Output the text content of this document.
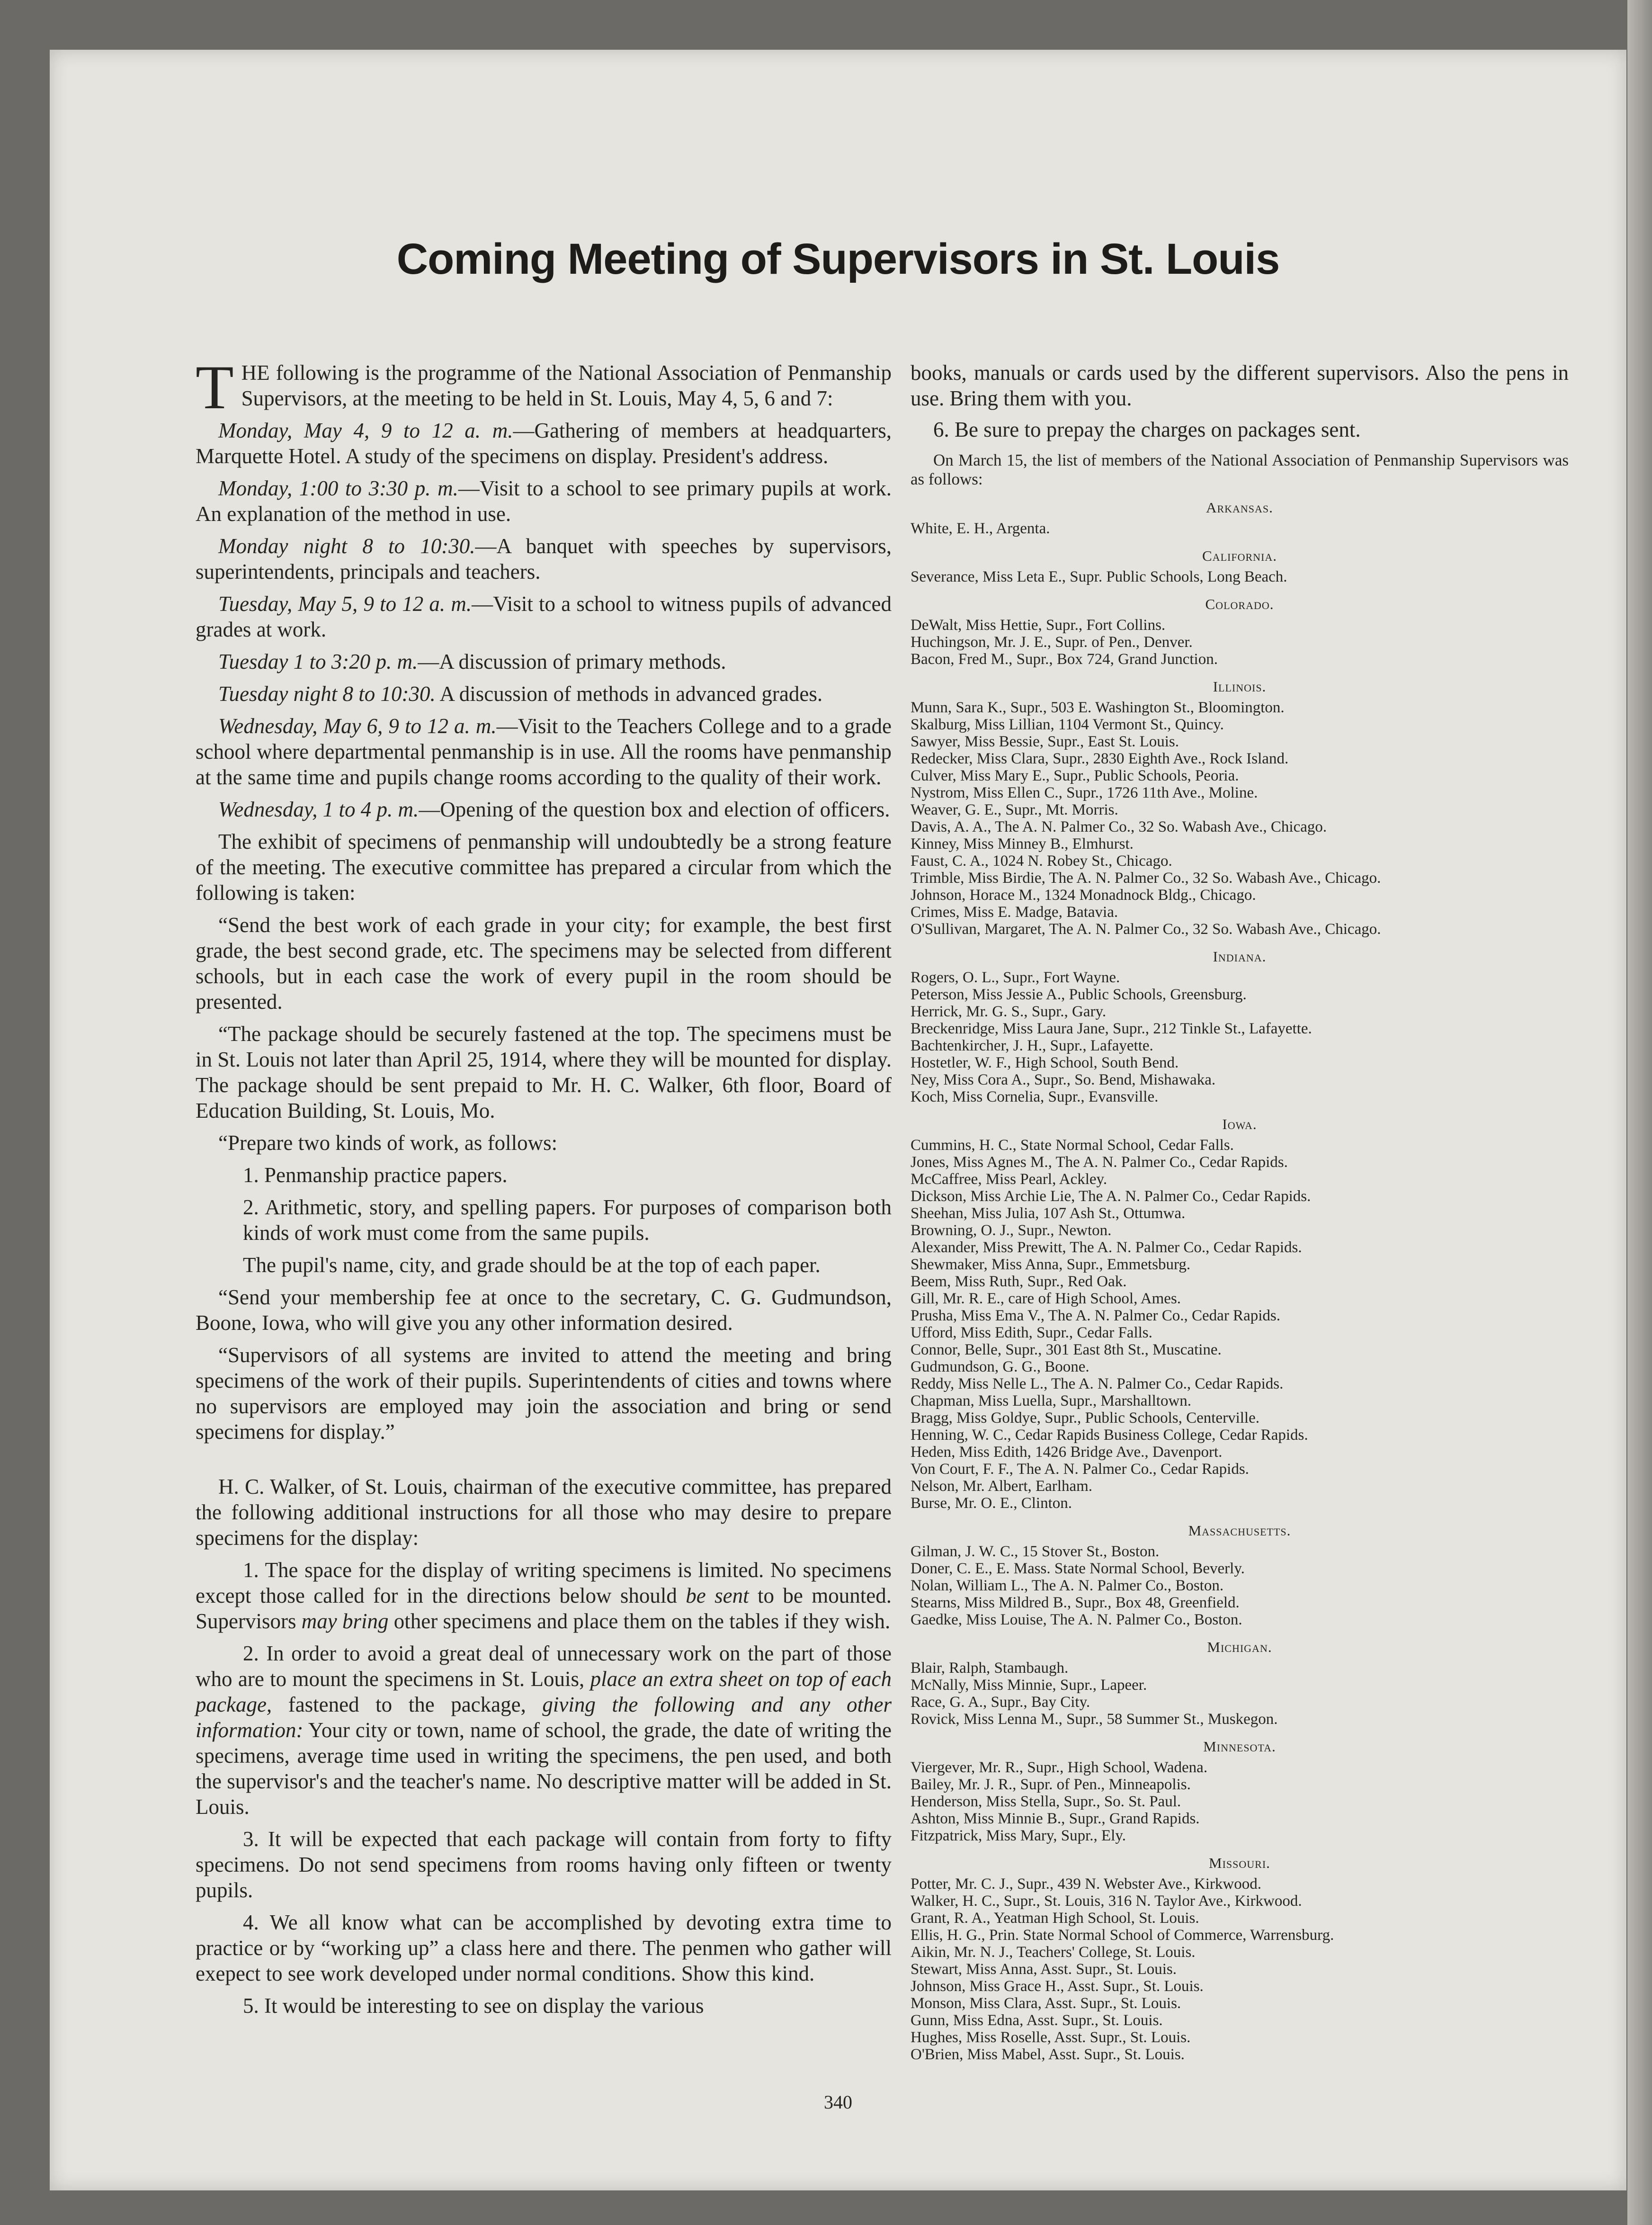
Coming Meeting of Supervisors in St. Louis

THE following is the programme of the National Association of Penmanship Supervisors, at the meeting to be held in St. Louis, May 4, 5, 6 and 7:

Monday, May 4, 9 to 12 a. m.—Gathering of members at headquarters, Marquette Hotel. A study of the specimens on display. President's address.

Monday, 1:00 to 3:30 p. m.—Visit to a school to see primary pupils at work. An explanation of the method in use.

Monday night 8 to 10:30.—A banquet with speeches by supervisors, superintendents, principals and teachers.

Tuesday, May 5, 9 to 12 a. m.—Visit to a school to witness pupils of advanced grades at work.

Tuesday 1 to 3:20 p. m.—A discussion of primary methods.

Tuesday night 8 to 10:30. A discussion of methods in advanced grades.

Wednesday, May 6, 9 to 12 a. m.—Visit to the Teachers College and to a grade school where departmental penmanship is in use. All the rooms have penmanship at the same time and pupils change rooms according to the quality of their work.

Wednesday, 1 to 4 p. m.—Opening of the question box and election of officers.

The exhibit of specimens of penmanship will undoubtedly be a strong feature of the meeting. The executive committee has prepared a circular from which the following is taken:

“Send the best work of each grade in your city; for example, the best first grade, the best second grade, etc. The specimens may be selected from different schools, but in each case the work of every pupil in the room should be presented.

“The package should be securely fastened at the top. The specimens must be in St. Louis not later than April 25, 1914, where they will be mounted for display. The package should be sent prepaid to Mr. H. C. Walker, 6th floor, Board of Education Building, St. Louis, Mo.

“Prepare two kinds of work, as follows:

1. Penmanship practice papers.

2. Arithmetic, story, and spelling papers. For purposes of comparison both kinds of work must come from the same pupils.

The pupil's name, city, and grade should be at the top of each paper.

“Send your membership fee at once to the secretary, C. G. Gudmundson, Boone, Iowa, who will give you any other information desired.

“Supervisors of all systems are invited to attend the meeting and bring specimens of the work of their pupils. Superintendents of cities and towns where no supervisors are employed may join the association and bring or send specimens for display.”

H. C. Walker, of St. Louis, chairman of the executive committee, has prepared the following additional instructions for all those who may desire to prepare specimens for the display:

1. The space for the display of writing specimens is limited. No specimens except those called for in the directions below should be sent to be mounted. Supervisors may bring other specimens and place them on the tables if they wish.

2. In order to avoid a great deal of unnecessary work on the part of those who are to mount the specimens in St. Louis, place an extra sheet on top of each package, fastened to the package, giving the following and any other information: Your city or town, name of school, the grade, the date of writing the specimens, average time used in writing the specimens, the pen used, and both the supervisor's and the teacher's name. No descriptive matter will be added in St. Louis.

3. It will be expected that each package will contain from forty to fifty specimens. Do not send specimens from rooms having only fifteen or twenty pupils.

4. We all know what can be accomplished by devoting extra time to practice or by “working up” a class here and there. The penmen who gather will exepect to see work developed under normal conditions. Show this kind.

5. It would be interesting to see on display the various

books, manuals or cards used by the different supervisors. Also the pens in use. Bring them with you.

6. Be sure to prepay the charges on packages sent.

On March 15, the list of members of the National Association of Penmanship Supervisors was as follows:
Arkansas.
White, E. H., Argenta.
California.
Severance, Miss Leta E., Supr. Public Schools, Long Beach.
Colorado.
DeWalt, Miss Hettie, Supr., Fort Collins.
Huchingson, Mr. J. E., Supr. of Pen., Denver.
Bacon, Fred M., Supr., Box 724, Grand Junction.
Illinois.
Munn, Sara K., Supr., 503 E. Washington St., Bloomington.
Skalburg, Miss Lillian, 1104 Vermont St., Quincy.
Sawyer, Miss Bessie, Supr., East St. Louis.
Redecker, Miss Clara, Supr., 2830 Eighth Ave., Rock Island.
Culver, Miss Mary E., Supr., Public Schools, Peoria.
Nystrom, Miss Ellen C., Supr., 1726 11th Ave., Moline.
Weaver, G. E., Supr., Mt. Morris.
Davis, A. A., The A. N. Palmer Co., 32 So. Wabash Ave., Chicago.
Kinney, Miss Minney B., Elmhurst.
Faust, C. A., 1024 N. Robey St., Chicago.
Trimble, Miss Birdie, The A. N. Palmer Co., 32 So. Wabash Ave., Chicago.
Johnson, Horace M., 1324 Monadnock Bldg., Chicago.
Crimes, Miss E. Madge, Batavia.
O'Sullivan, Margaret, The A. N. Palmer Co., 32 So. Wabash Ave., Chicago.
Indiana.
Rogers, O. L., Supr., Fort Wayne.
Peterson, Miss Jessie A., Public Schools, Greensburg.
Herrick, Mr. G. S., Supr., Gary.
Breckenridge, Miss Laura Jane, Supr., 212 Tinkle St., Lafayette.
Bachtenkircher, J. H., Supr., Lafayette.
Hostetler, W. F., High School, South Bend.
Ney, Miss Cora A., Supr., So. Bend, Mishawaka.
Koch, Miss Cornelia, Supr., Evansville.
Iowa.
Cummins, H. C., State Normal School, Cedar Falls.
Jones, Miss Agnes M., The A. N. Palmer Co., Cedar Rapids.
McCaffree, Miss Pearl, Ackley.
Dickson, Miss Archie Lie, The A. N. Palmer Co., Cedar Rapids.
Sheehan, Miss Julia, 107 Ash St., Ottumwa.
Browning, O. J., Supr., Newton.
Alexander, Miss Prewitt, The A. N. Palmer Co., Cedar Rapids.
Shewmaker, Miss Anna, Supr., Emmetsburg.
Beem, Miss Ruth, Supr., Red Oak.
Gill, Mr. R. E., care of High School, Ames.
Prusha, Miss Ema V., The A. N. Palmer Co., Cedar Rapids.
Ufford, Miss Edith, Supr., Cedar Falls.
Connor, Belle, Supr., 301 East 8th St., Muscatine.
Gudmundson, G. G., Boone.
Reddy, Miss Nelle L., The A. N. Palmer Co., Cedar Rapids.
Chapman, Miss Luella, Supr., Marshalltown.
Bragg, Miss Goldye, Supr., Public Schools, Centerville.
Henning, W. C., Cedar Rapids Business College, Cedar Rapids.
Heden, Miss Edith, 1426 Bridge Ave., Davenport.
Von Court, F. F., The A. N. Palmer Co., Cedar Rapids.
Nelson, Mr. Albert, Earlham.
Burse, Mr. O. E., Clinton.
Massachusetts.
Gilman, J. W. C., 15 Stover St., Boston.
Doner, C. E., E. Mass. State Normal School, Beverly.
Nolan, William L., The A. N. Palmer Co., Boston.
Stearns, Miss Mildred B., Supr., Box 48, Greenfield.
Gaedke, Miss Louise, The A. N. Palmer Co., Boston.
Michigan.
Blair, Ralph, Stambaugh.
McNally, Miss Minnie, Supr., Lapeer.
Race, G. A., Supr., Bay City.
Rovick, Miss Lenna M., Supr., 58 Summer St., Muskegon.
Minnesota.
Viergever, Mr. R., Supr., High School, Wadena.
Bailey, Mr. J. R., Supr. of Pen., Minneapolis.
Henderson, Miss Stella, Supr., So. St. Paul.
Ashton, Miss Minnie B., Supr., Grand Rapids.
Fitzpatrick, Miss Mary, Supr., Ely.
Missouri.
Potter, Mr. C. J., Supr., 439 N. Webster Ave., Kirkwood.
Walker, H. C., Supr., St. Louis, 316 N. Taylor Ave., Kirkwood.
Grant, R. A., Yeatman High School, St. Louis.
Ellis, H. G., Prin. State Normal School of Commerce, Warrensburg.
Aikin, Mr. N. J., Teachers' College, St. Louis.
Stewart, Miss Anna, Asst. Supr., St. Louis.
Johnson, Miss Grace H., Asst. Supr., St. Louis.
Monson, Miss Clara, Asst. Supr., St. Louis.
Gunn, Miss Edna, Asst. Supr., St. Louis.
Hughes, Miss Roselle, Asst. Supr., St. Louis.
O'Brien, Miss Mabel, Asst. Supr., St. Louis.
340
